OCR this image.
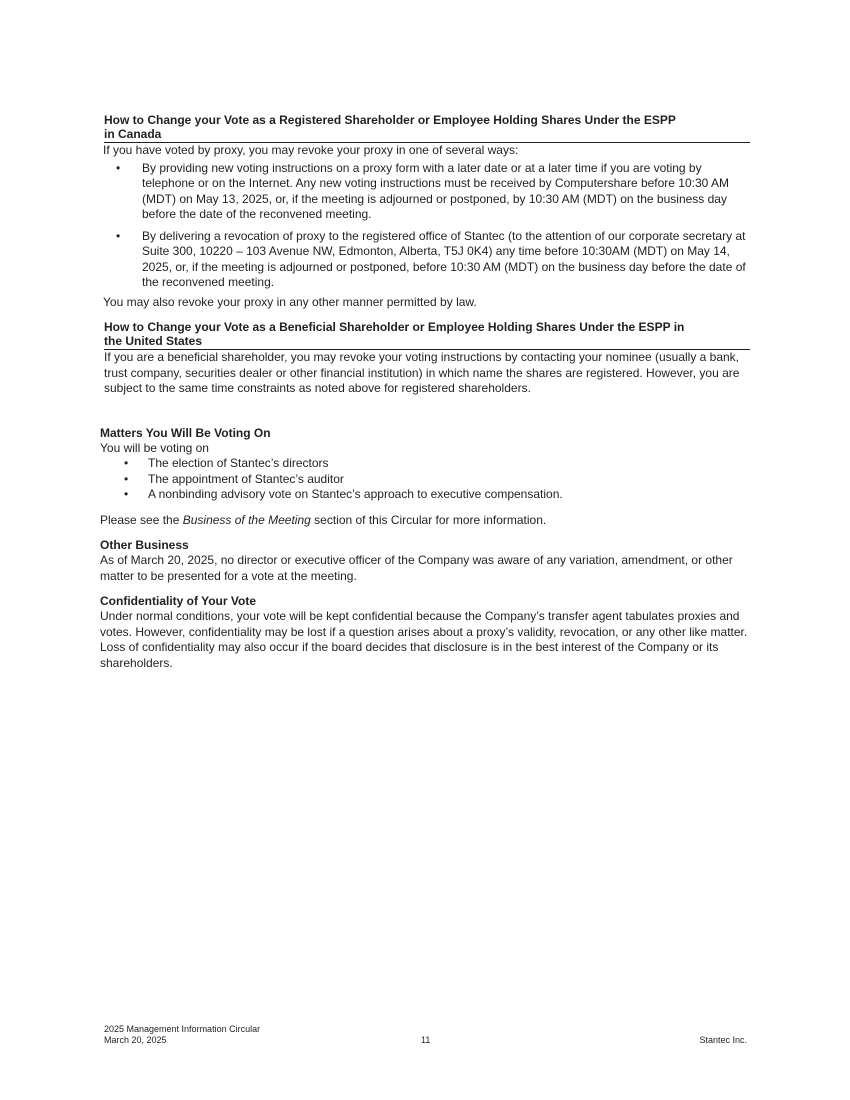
How to Change your Vote as a Registered Shareholder or Employee Holding Shares Under the ESPP
in Canada

If you have voted by proxy, you may revoke your proxy in one of several ways:

• By providing new voting instructions on a proxy form with a later date or at a later time if you are voting by telephone or on the Internet. Any new voting instructions must be received by Computershare before 10:30 AM (MDT) on May 13, 2025, or, if the meeting is adjourned or postponed, by 10:30 AM (MDT) on the business day before the date of the reconvened meeting.
• By delivering a revocation of proxy to the registered office of Stantec (to the attention of our corporate secretary at Suite 300, 10220 – 103 Avenue NW, Edmonton, Alberta, T5J 0K4) any time before 10:30AM (MDT) on May 14, 2025, or, if the meeting is adjourned or postponed, before 10:30 AM (MDT) on the business day before the date of the reconvened meeting.

You may also revoke your proxy in any other manner permitted by law.

How to Change your Vote as a Beneficial Shareholder or Employee Holding Shares Under the ESPP in
the United States

If you are a beneficial shareholder, you may revoke your voting instructions by contacting your nominee (usually a bank, trust company, securities dealer or other financial institution) in which name the shares are registered. However, you are subject to the same time constraints as noted above for registered shareholders.

Matters You Will Be Voting On

You will be voting on

• The election of Stantec’s directors
• The appointment of Stantec’s auditor
• A nonbinding advisory vote on Stantec’s approach to executive compensation.

Please see the Business of the Meeting section of this Circular for more information.

Other Business

As of March 20, 2025, no director or executive officer of the Company was aware of any variation, amendment, or other matter to be presented for a vote at the meeting.

Confidentiality of Your Vote

Under normal conditions, your vote will be kept confidential because the Company’s transfer agent tabulates proxies and votes. However, confidentiality may be lost if a question arises about a proxy’s validity, revocation, or any other like matter. Loss of confidentiality may also occur if the board decides that disclosure is in the best interest of the Company or its shareholders.

2025 Management Information Circular
March 20, 2025	11	Stantec Inc.
